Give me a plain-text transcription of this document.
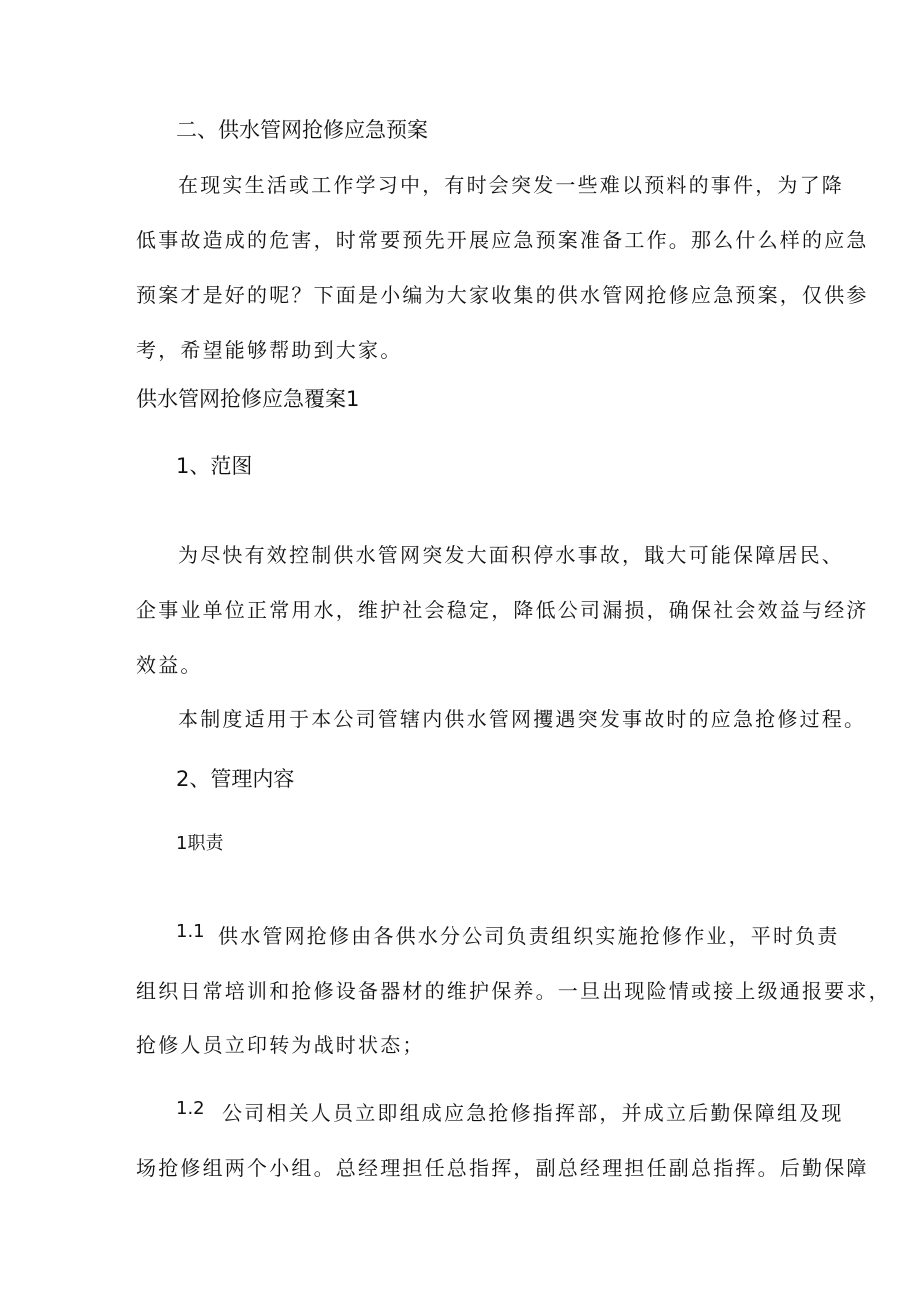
二、供水管网抢修应急预案

在现实生活或工作学习中，有时会突发一些难以预料的事件，为了降

低事故造成的危害，时常要预先开展应急预案准备工作。那么什么样的应急

预案才是好的呢？下面是小编为大家收集的供水管网抢修应急预案，仅供参

考，希望能够帮助到大家。

供水管网抢修应急覆案1

1、范图

为尽快有效控制供水管网突发大面积停水事故，戢大可能保障居民、

企事业单位正常用水，维护社会稳定，降低公司漏损，确保社会效益与经济

效益。

本制度适用于本公司管辖内供水管网攫遇突发事故时的应急抢修过程。

2、管理内容

1职责

1.1 供水管网抢修由各供水分公司负责组织实施抢修作业，平时负责

组织日常培训和抢修设备器材的维护保养。一旦出现险情或接上级通报要求，

抢修人员立印转为战时状态；

1.2 公司相关人员立即组成应急抢修指挥部，并成立后勤保障组及现

场抢修组两个小组。总经理担任总指挥，副总经理担任副总指挥。后勤保障
